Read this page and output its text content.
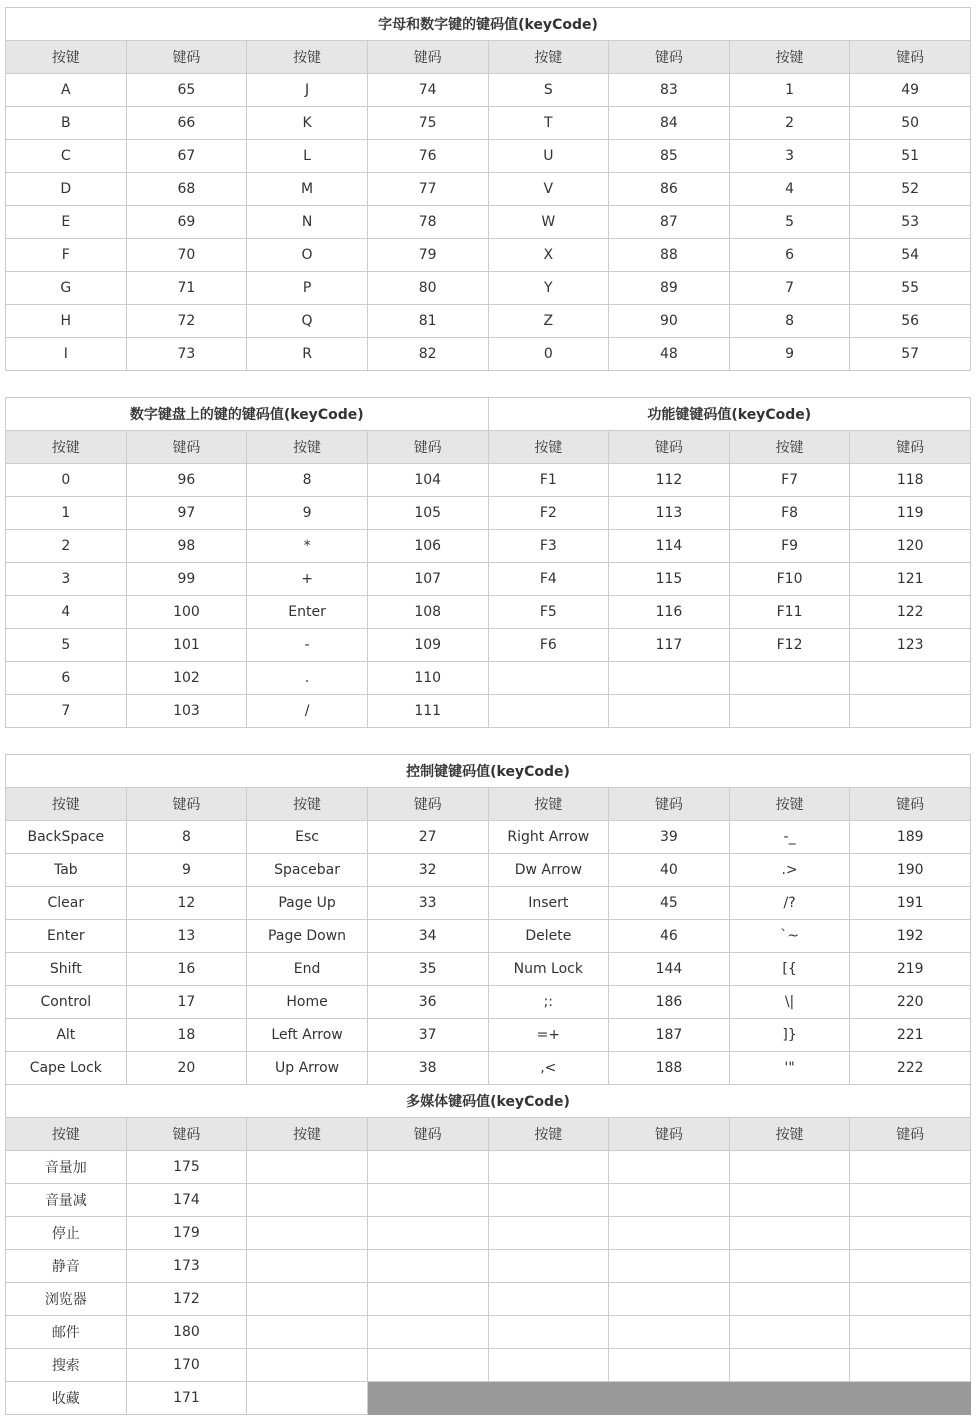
字母和数字键的键码值(keyCode)							
按键	键码	按键	键码	按键	键码	按键	键码
A	65	J	74	S	83	1	49
B	66	K	75	T	84	2	50
C	67	L	76	U	85	3	51
D	68	M	77	V	86	4	52
E	69	N	78	W	87	5	53
F	70	O	79	X	88	6	54
G	71	P	80	Y	89	7	55
H	72	Q	81	Z	90	8	56
I	73	R	82	0	48	9	57
数字键盘上的键的键码值(keyCode)				功能键键码值(keyCode)			
按键	键码	按键	键码	按键	键码	按键	键码
0	96	8	104	F1	112	F7	118
1	97	9	105	F2	113	F8	119
2	98	*	106	F3	114	F9	120
3	99	+	107	F4	115	F10	121
4	100	Enter	108	F5	116	F11	122
5	101	-	109	F6	117	F12	123
6	102	.	110				
7	103	/	111				
控制键键码值(keyCode)							
按键	键码	按键	键码	按键	键码	按键	键码
BackSpace	8	Esc	27	Right Arrow	39	-_	189
Tab	9	Spacebar	32	Dw Arrow	40	.>	190
Clear	12	Page Up	33	Insert	45	/?	191
Enter	13	Page Down	34	Delete	46	`~	192
Shift	16	End	35	Num Lock	144	[{	219
Control	17	Home	36	;:	186	\|	220
Alt	18	Left Arrow	37	=+	187	]}	221
Cape Lock	20	Up Arrow	38	,<	188	'"	222
多媒体键码值(keyCode)							
按键	键码	按键	键码	按键	键码	按键	键码
音量加	175						
音量减	174						
停止	179						
静音	173						
浏览器	172						
邮件	180						
搜索	170						
收藏	171						
